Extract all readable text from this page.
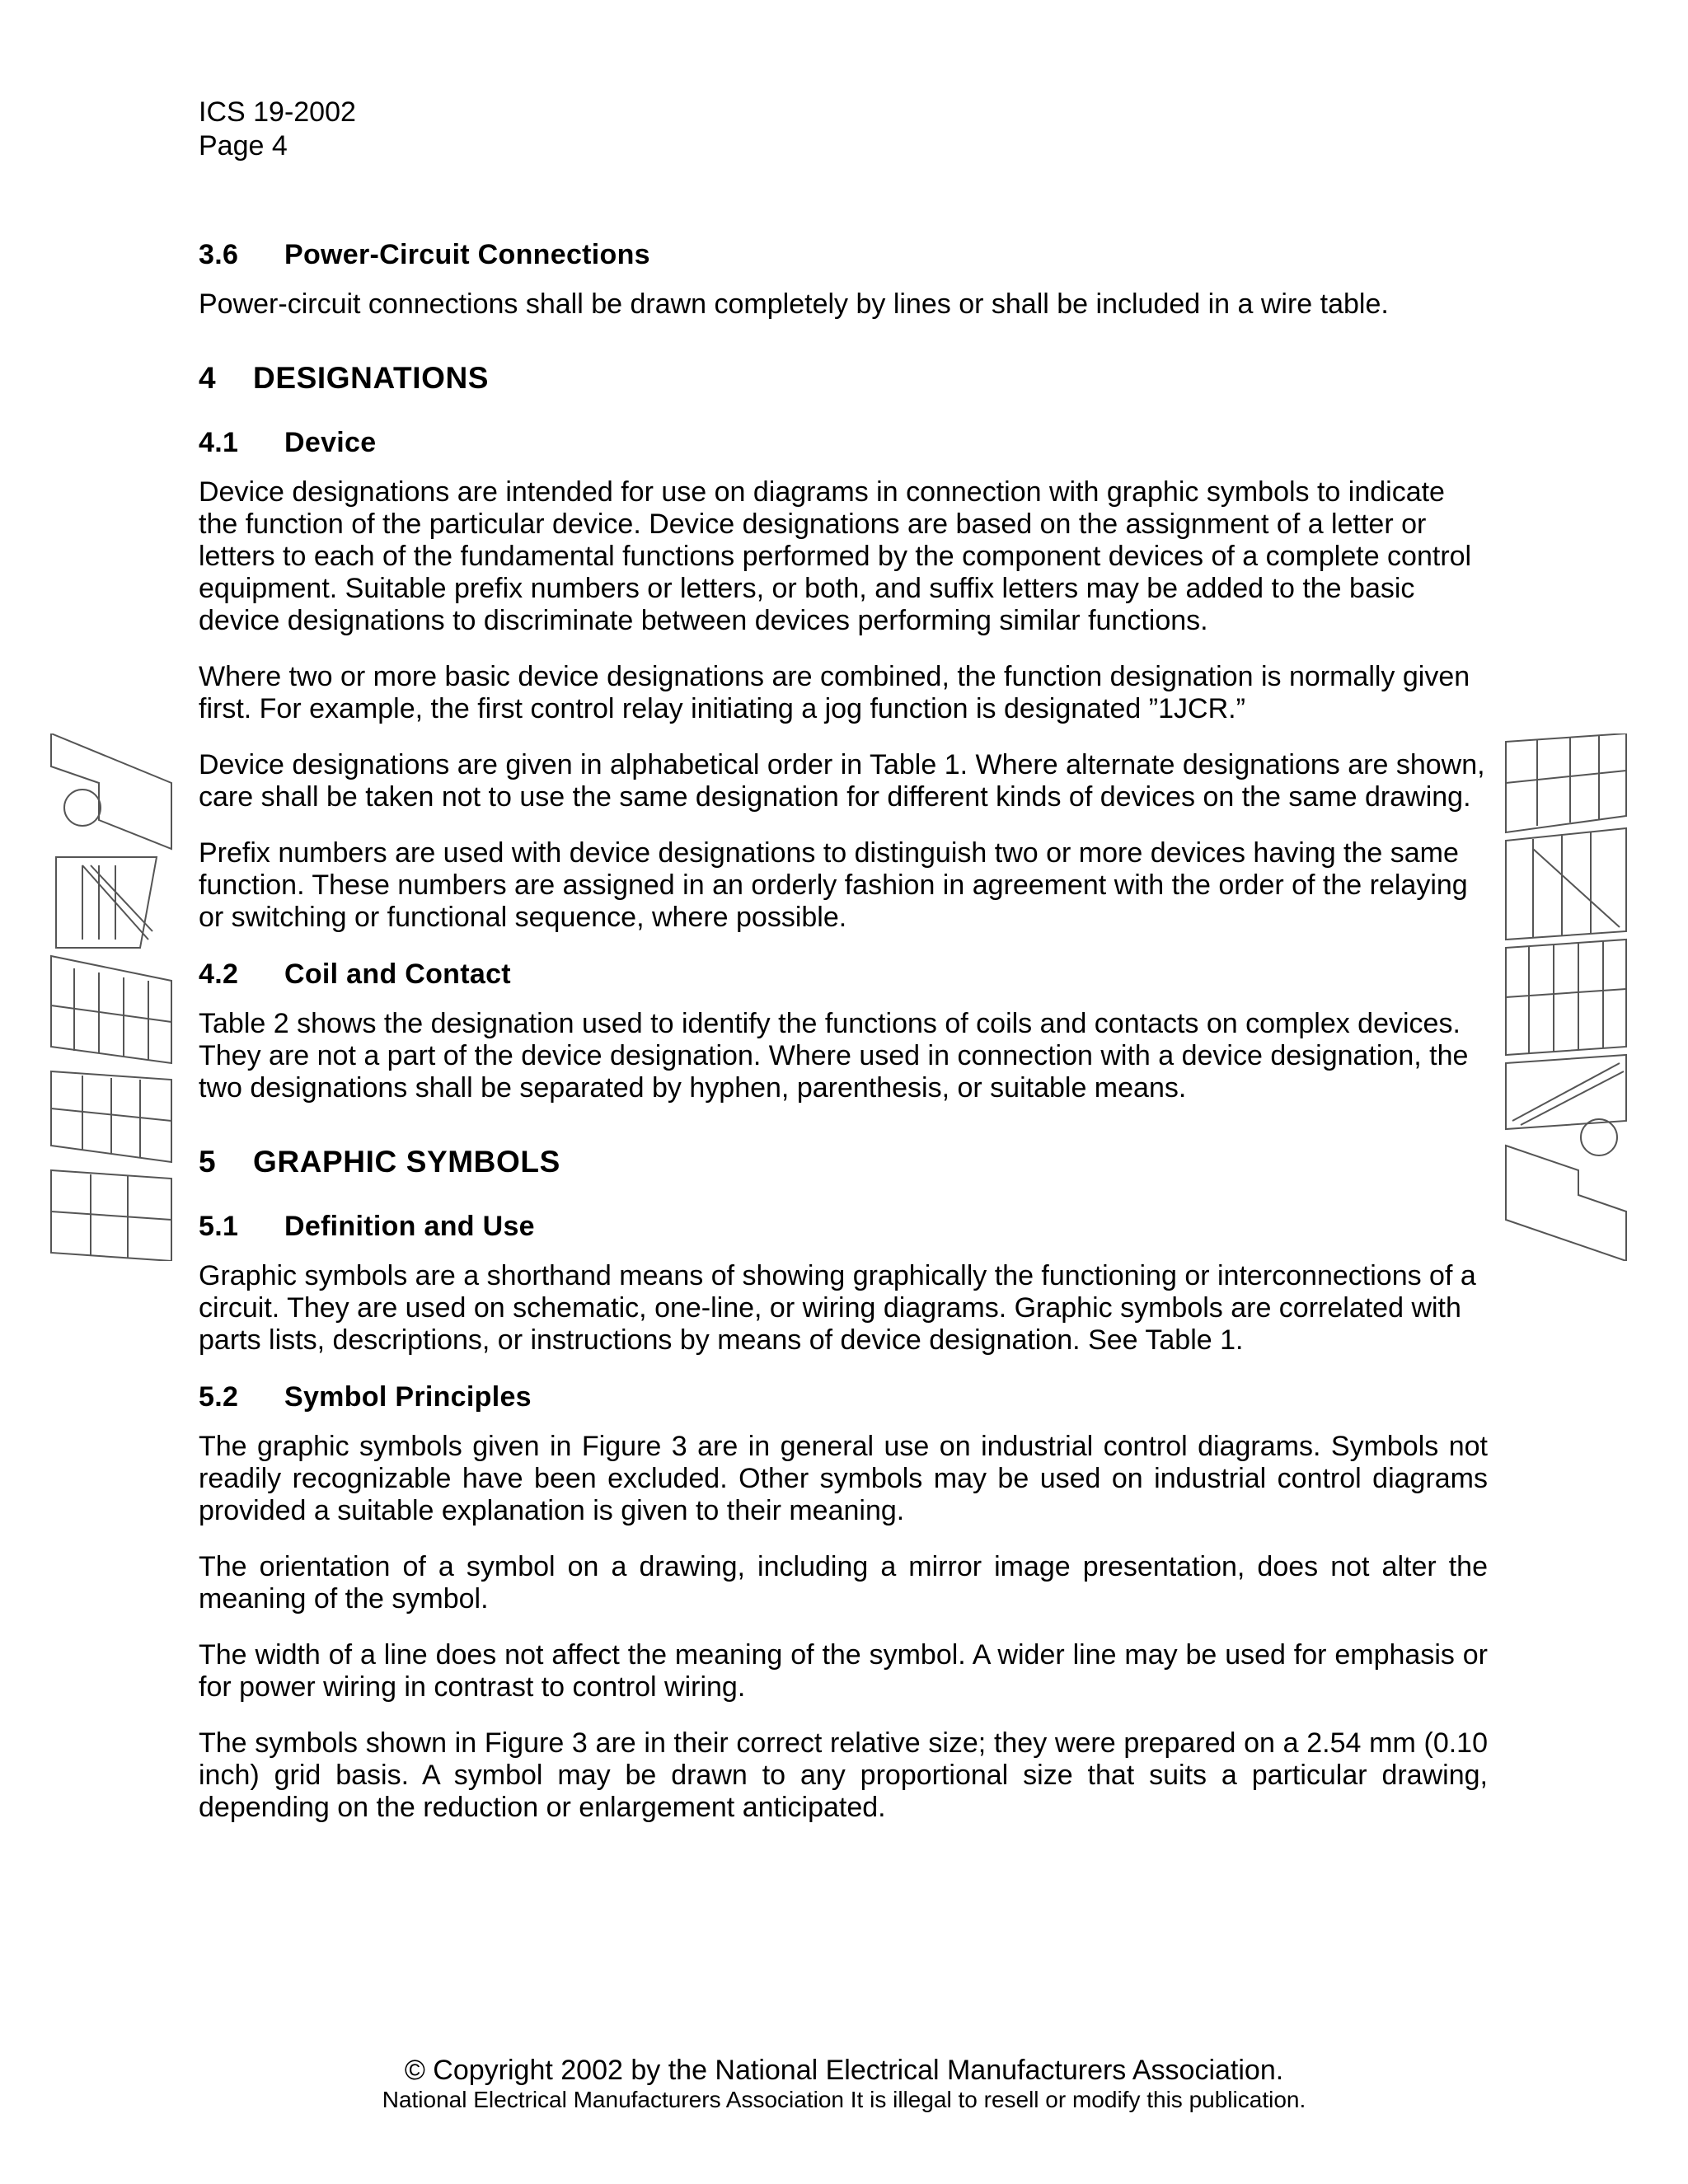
ICS 19-2002
Page 4
3.6 Power-Circuit Connections

Power-circuit connections shall be drawn completely by lines or shall be included in a wire table.

4 DESIGNATIONS
4.1 Device

Device designations are intended for use on diagrams in connection with graphic symbols to indicate the function of the particular device. Device designations are based on the assignment of a letter or letters to each of the fundamental functions performed by the component devices of a complete control equipment. Suitable prefix numbers or letters, or both, and suffix letters may be added to the basic device designations to discriminate between devices performing similar functions.

Where two or more basic device designations are combined, the function designation is normally given first. For example, the first control relay initiating a jog function is designated ”1JCR.”

Device designations are given in alphabetical order in Table 1. Where alternate designations are shown, care shall be taken not to use the same designation for different kinds of devices on the same drawing.

Prefix numbers are used with device designations to distinguish two or more devices having the same function. These numbers are assigned in an orderly fashion in agreement with the order of the relaying or switching or functional sequence, where possible.

4.2 Coil and Contact

Table 2 shows the designation used to identify the functions of coils and contacts on complex devices. They are not a part of the device designation. Where used in connection with a device designation, the two designations shall be separated by hyphen, parenthesis, or suitable means.

5 GRAPHIC SYMBOLS
5.1 Definition and Use

Graphic symbols are a shorthand means of showing graphically the functioning or interconnections of a circuit. They are used on schematic, one-line, or wiring diagrams. Graphic symbols are correlated with parts lists, descriptions, or instructions by means of device designation. See Table 1.

5.2 Symbol Principles

The graphic symbols given in Figure 3 are in general use on industrial control diagrams. Symbols not readily recognizable have been excluded. Other symbols may be used on industrial control diagrams provided a suitable explanation is given to their meaning.

The orientation of a symbol on a drawing, including a mirror image presentation, does not alter the meaning of the symbol.

The width of a line does not affect the meaning of the symbol. A wider line may be used for emphasis or for power wiring in contrast to control wiring.

The symbols shown in Figure 3 are in their correct relative size; they were prepared on a 2.54 mm (0.10 inch) grid basis. A symbol may be drawn to any proportional size that suits a particular drawing, depending on the reduction or enlargement anticipated.

© Copyright 2002 by the National Electrical Manufacturers Association.
National Electrical Manufacturers Association It is illegal to resell or modify this publication.
